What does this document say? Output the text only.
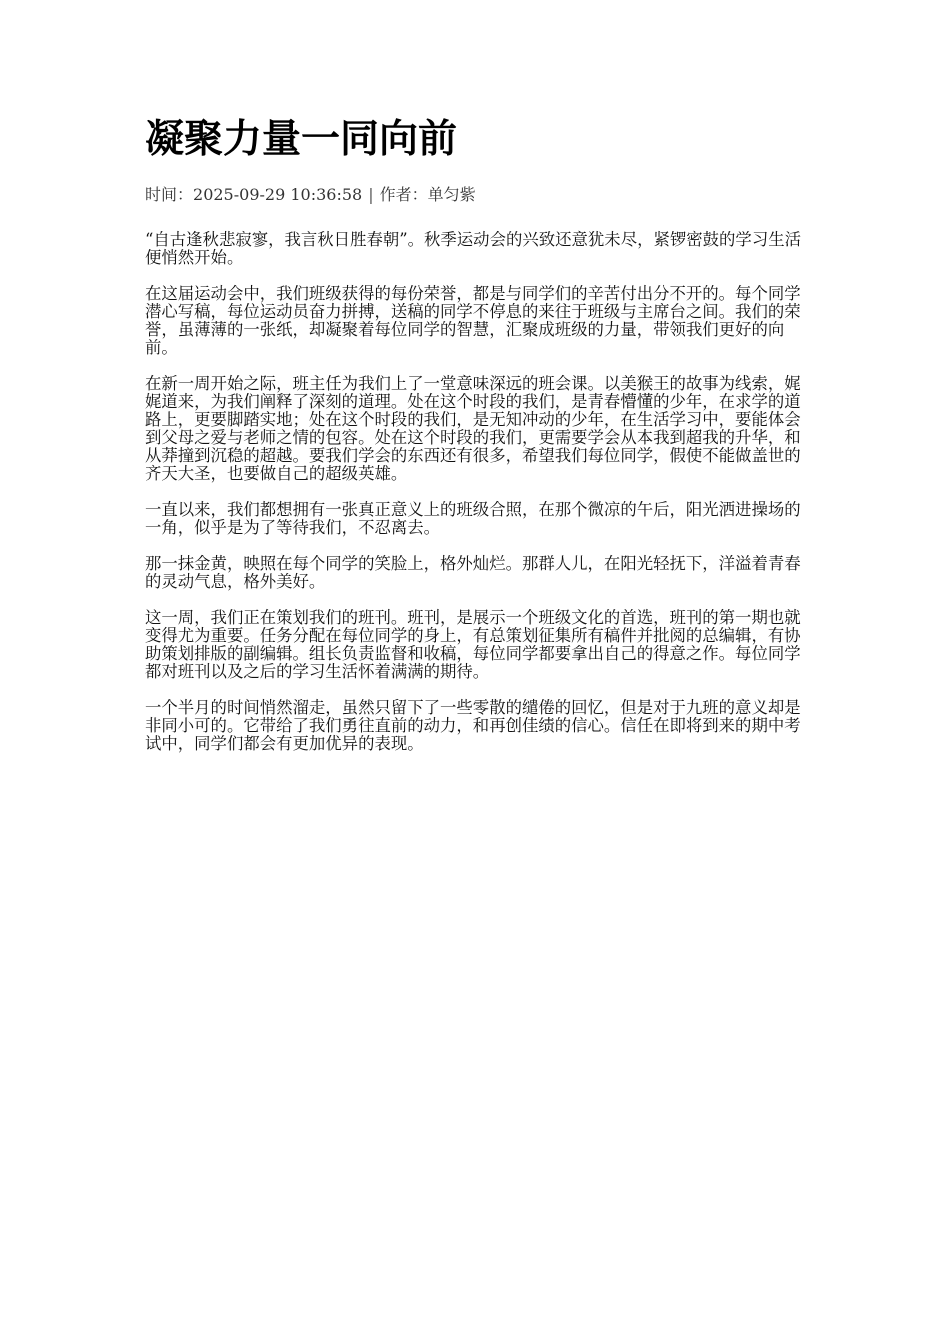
凝聚力量一同向前
时间：2025-09-29 10:36:58 | 作者：单匀紫

“自古逢秋悲寂寥，我言秋日胜春朝”。秋季运动会的兴致还意犹未尽，紧锣密鼓的学习生活便悄然开始。

在这届运动会中，我们班级获得的每份荣誉，都是与同学们的辛苦付出分不开的。每个同学潜心写稿，每位运动员奋力拼搏，送稿的同学不停息的来往于班级与主席台之间。我们的荣誉，虽薄薄的一张纸，却凝聚着每位同学的智慧，汇聚成班级的力量，带领我们更好的向前。

在新一周开始之际，班主任为我们上了一堂意味深远的班会课。以美猴王的故事为线索，娓娓道来，为我们阐释了深刻的道理。处在这个时段的我们，是青春懵懂的少年，在求学的道路上，更要脚踏实地；处在这个时段的我们，是无知冲动的少年，在生活学习中，要能体会到父母之爱与老师之情的包容。处在这个时段的我们，更需要学会从本我到超我的升华，和从莽撞到沉稳的超越。要我们学会的东西还有很多，希望我们每位同学，假使不能做盖世的齐天大圣，也要做自己的超级英雄。

一直以来，我们都想拥有一张真正意义上的班级合照，在那个微凉的午后，阳光洒进操场的一角，似乎是为了等待我们，不忍离去。

那一抹金黄，映照在每个同学的笑脸上，格外灿烂。那群人儿，在阳光轻抚下，洋溢着青春的灵动气息，格外美好。

这一周，我们正在策划我们的班刊。班刊，是展示一个班级文化的首选，班刊的第一期也就变得尤为重要。任务分配在每位同学的身上，有总策划征集所有稿件并批阅的总编辑，有协助策划排版的副编辑。组长负责监督和收稿，每位同学都要拿出自己的得意之作。每位同学都对班刊以及之后的学习生活怀着满满的期待。

一个半月的时间悄然溜走，虽然只留下了一些零散的缱倦的回忆，但是对于九班的意义却是非同小可的。它带给了我们勇往直前的动力，和再创佳绩的信心。信任在即将到来的期中考试中，同学们都会有更加优异的表现。
